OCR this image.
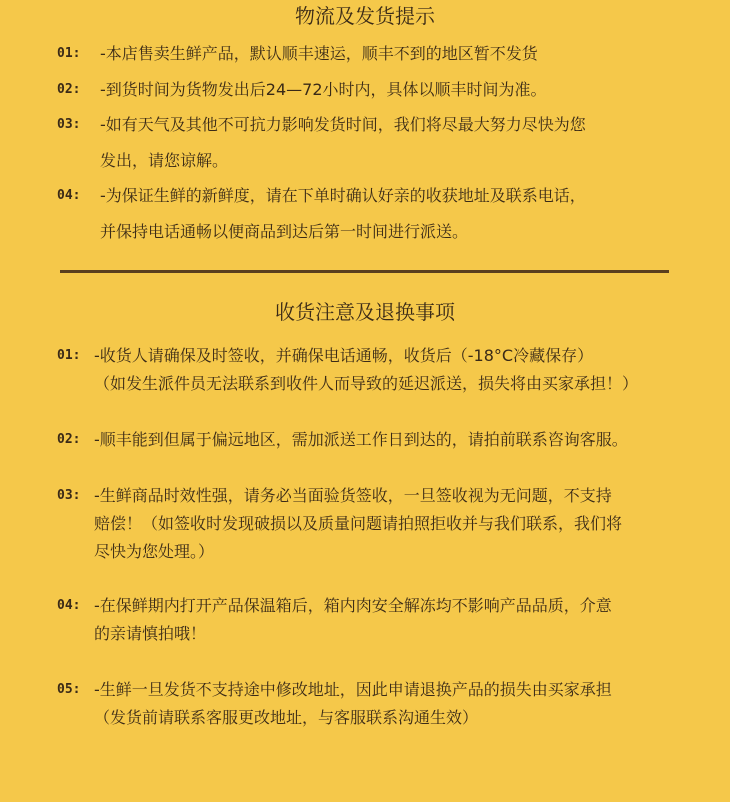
物流及发货提示
01: -本店售卖生鲜产品，默认顺丰速运，顺丰不到的地区暂不发货
02: -到货时间为货物发出后24—72小时内，具体以顺丰时间为准。
03: -如有天气及其他不可抗力影响发货时间，我们将尽最大努力尽快为您
发出，请您谅解。
04: -为保证生鲜的新鲜度，请在下单时确认好亲的收获地址及联系电话，
并保持电话通畅以便商品到达后第一时间进行派送。
收货注意及退换事项
01: -收货人请确保及时签收，并确保电话通畅，收货后（-18°C冷藏保存）
（如发生派件员无法联系到收件人而导致的延迟派送，损失将由买家承担！）
02: -顺丰能到但属于偏远地区，需加派送工作日到达的，请拍前联系咨询客服。
03: -生鲜商品时效性强，请务必当面验货签收，一旦签收视为无问题，不支持
赔偿！（如签收时发现破损以及质量问题请拍照拒收并与我们联系，我们将
尽快为您处理。）
04: -在保鲜期内打开产品保温箱后，箱内肉安全解冻均不影响产品品质，介意
的亲请慎拍哦！
05: -生鲜一旦发货不支持途中修改地址，因此申请退换产品的损失由买家承担
（发货前请联系客服更改地址，与客服联系沟通生效）
